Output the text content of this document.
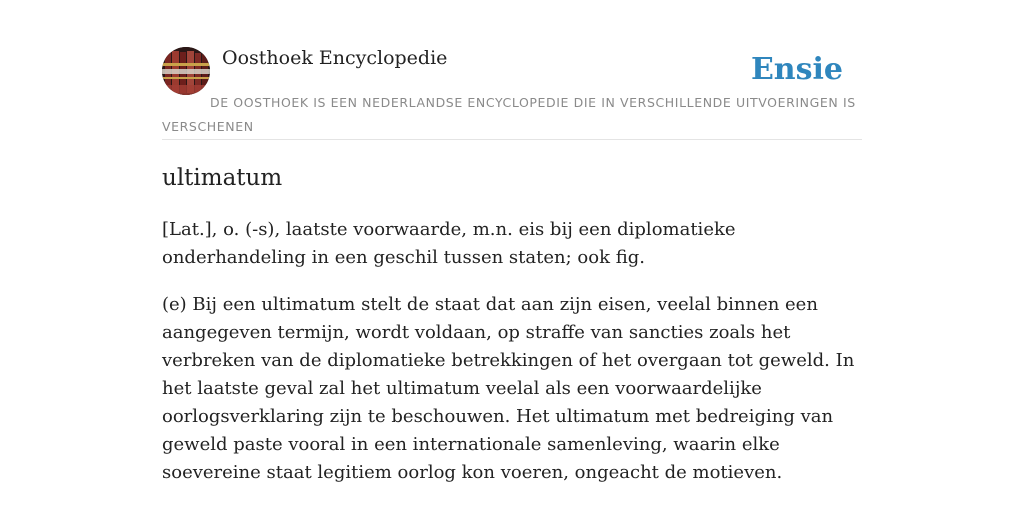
Oosthoek Encyclopedie	Ensie
DE OOSTHOEK IS EEN NEDERLANDSE ENCYCLOPEDIE DIE IN VERSCHILLENDE UITVOERINGEN IS VERSCHENEN
ultimatum

[Lat.], o. (-s), laatste voorwaarde, m.n. eis bij een diplomatieke onderhandeling in een geschil tussen staten; ook fig.

(e) Bij een ultimatum stelt de staat dat aan zijn eisen, veelal binnen een aangegeven termijn, wordt voldaan, op straffe van sancties zoals het verbreken van de diplomatieke betrekkingen of het overgaan tot geweld. In het laatste geval zal het ultimatum veelal als een voorwaardelijke oorlogsverklaring zijn te beschouwen. Het ultimatum met bedreiging van geweld paste vooral in een internationale samenleving, waarin elke soevereine staat legitiem oorlog kon voeren, ongeacht de motieven.
